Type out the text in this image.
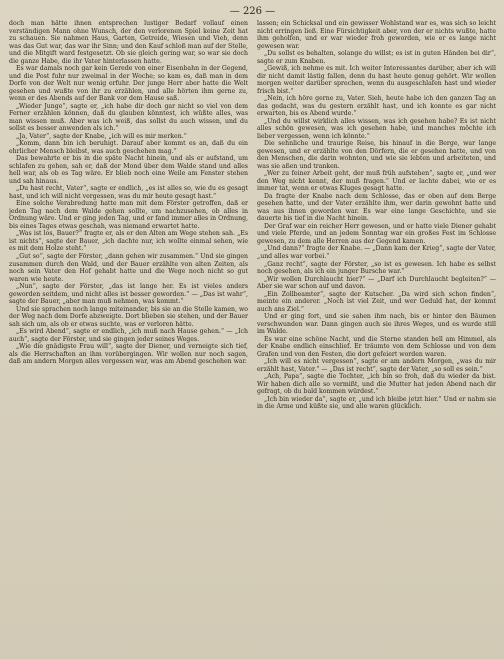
— 226 —

doch man hätte ihnen entsprechen lustiger Bedarf vollauf einen verständigen Mann ohne Wunsch, der den verlorenen Spiel keine Zeit hat zu schauen. Sie nahmen Haus, Garten, Getreide, Wiesen und Vieh, denn was das Gut war, das war ihr Sinn; und den Kauf schloß man auf der Stelle, und die Mitgift ward festgesetzt. Ob sie gleich gering war, so war sie doch die ganze Habe, die ihr Vater hinterlassen hatte.

Es war damals noch gar kein Gerede von einer Eisenbahn in der Gegend, und die Post fuhr nur zweimal in der Woche; so kam es, daß man in dem Dorfe von der Welt nur wenig erfuhr. Der junge Herr aber hatte die Welt gesehen und wußte von ihr zu erzählen, und alle hörten ihm gerne zu, wenn er des Abends auf der Bank vor dem Hause saß.

„Wieder Junge“, sagte er, „ich habe dir doch gar nicht so viel von dem Ferner erzählen können, daß du glauben könntest, ich wüßte alles, was man wissen muß. Aber was ich weiß, das sollst du auch wissen, und du sollst es besser anwenden als ich.“

„Ja, Vater“, sagte der Knabe, „ich will es mir merken.“

„Komm, dann bin ich beruhigt. Darauf aber kommt es an, daß du ein ehrlicher Mensch bleibst, was auch geschehen mag.“

Das bewahrte er bis in die späte Nacht hinein, und als er aufstand, um schlafen zu gehen, sah er, daß der Mond über dem Walde stand und alles hell war, als ob es Tag wäre. Er blieb noch eine Weile am Fenster stehen und sah hinaus.

„Du hast recht, Vater“, sagte er endlich, „es ist alles so, wie du es gesagt hast, und ich will nicht vergessen, was du mir heute gesagt hast.“

Eine solche Verabredung hatte man mit dem Förster getroffen, daß er jeden Tag nach dem Walde gehen sollte, um nachzusehen, ob alles in Ordnung wäre. Und er ging jeden Tag, und er fand immer alles in Ordnung, bis eines Tages etwas geschah, was niemand erwartet hatte.

„Was ist los, Bauer?“ fragte er, als er den Alten am Wege stehen sah. „Es ist nichts“, sagte der Bauer, „ich dachte nur, ich wollte einmal sehen, wie es mit dem Holze steht.“

„Gut so“, sagte der Förster, „dann gehen wir zusammen.“ Und sie gingen zusammen durch den Wald, und der Bauer erzählte von alten Zeiten, als noch sein Vater den Hof gehabt hatte und die Wege noch nicht so gut waren wie heute.

„Nun“, sagte der Förster, „das ist lange her. Es ist vieles anders geworden seitdem, und nicht alles ist besser geworden.“ — „Das ist wahr“, sagte der Bauer, „aber man muß nehmen, was kommt.“

Und sie sprachen noch lange miteinander, bis sie an die Stelle kamen, wo der Weg nach dem Dorfe abzweigte. Dort blieben sie stehen, und der Bauer sah sich um, als ob er etwas suchte, was er verloren hätte.

„Es wird Abend“, sagte er endlich, „ich muß nach Hause gehen.“ — „Ich auch“, sagte der Förster, und sie gingen jeder seines Weges.

„Wie die gnädigste Frau will“, sagte der Diener, und verneigte sich tief, als die Herrschaften an ihm vorübergingen. Wir wollen nur noch sagen, daß am andern Morgen alles vergessen war, was am Abend geschehen war.

lassen; ein Schicksal und ein gewisser Wohlstand war es, was sich so leicht nicht erringen ließ. Eine Fürsichtigkeit aber, von der er nichts wußte, hatte ihm geholfen, und er war wieder froh geworden, wie er es lange nicht gewesen war.

„Du sollst es behalten, solange du willst; es ist in guten Händen bei dir“, sagte er zum Knaben.

„Gewiß, ich nehme es mit. Ich weiter Interessantes darüber, aber ich will dir nicht damit lästig fallen, denn du hast heute genug gehört. Wir wollen morgen weiter darüber sprechen, wenn du ausgeschlafen hast und wieder frisch bist.“

„Nein, ich höre gerne zu, Vater. Sieh, heute habe ich den ganzen Tag an das gedacht, was du gestern erzählt hast, und ich konnte es gar nicht erwarten, bis es Abend wurde.“

„Und du willst wirklich alles wissen, was ich gesehen habe? Es ist nicht alles schön gewesen, was ich gesehen habe, und manches möchte ich lieber vergessen, wenn ich könnte.“

Die sehnliche und traurige Reise, bis hinauf in die Berge, war lange gewesen, und er erzählte von den Dörfern, die er gesehen hatte, und von den Menschen, die darin wohnten, und wie sie lebten und arbeiteten, und was sie aßen und tranken.

„Wer zu feiner Arbeit geht, der muß früh aufstehen“, sagte er, „und wer den Weg nicht kennt, der muß fragen.“ Und er lachte dabei, wie er es immer tat, wenn er etwas Kluges gesagt hatte.

Da fragte der Knabe nach dem Schlosse, das er oben auf dem Berge gesehen hatte, und der Vater erzählte ihm, wer darin gewohnt hatte und was aus ihnen geworden war. Es war eine lange Geschichte, und sie dauerte bis tief in die Nacht hinein.

Der Graf war ein reicher Herr gewesen, und er hatte viele Diener gehabt und viele Pferde, und an jedem Sonntag war ein großes Fest im Schlosse gewesen, zu dem alle Herren aus der Gegend kamen.

„Und dann?“ fragte der Knabe. — „Dann kam der Krieg“, sagte der Vater, „und alles war vorbei.“

„Ganz recht“, sagte der Förster, „so ist es gewesen. Ich habe es selbst noch gesehen, als ich ein junger Bursche war.“

„Wir wollen Durchlaucht hier?“ — „Darf ich Durchlaucht begleiten?“ — Aber sie war schon auf und davon.

„Ein Zollbeamter“, sagte der Kutscher. „Da wird sich schon finden“, meinte ein anderer. „Noch ist viel Zeit, und wer Geduld hat, der kommt auch ans Ziel.“

Und er ging fort, und sie sahen ihm nach, bis er hinter den Bäumen verschwunden war. Dann gingen auch sie ihres Weges, und es wurde still im Walde.

Es war eine schöne Nacht, und die Sterne standen hell am Himmel, als der Knabe endlich einschlief. Er träumte von dem Schlosse und von dem Grafen und von den Festen, die dort gefeiert worden waren.

„Ich will es nicht vergessen“, sagte er am andern Morgen, „was du mir erzählt hast, Vater.“ — „Das ist recht“, sagte der Vater, „so soll es sein.“

„Ach, Papa“, sagte die Tochter, „ich bin so froh, daß du wieder da bist. Wir haben dich alle so vermißt, und die Mutter hat jeden Abend nach dir gefragt, ob du bald kommen würdest.“

„Ich bin wieder da“, sagte er, „und ich bleibe jetzt hier.“ Und er nahm sie in die Arme und küßte sie, und alle waren glücklich.
